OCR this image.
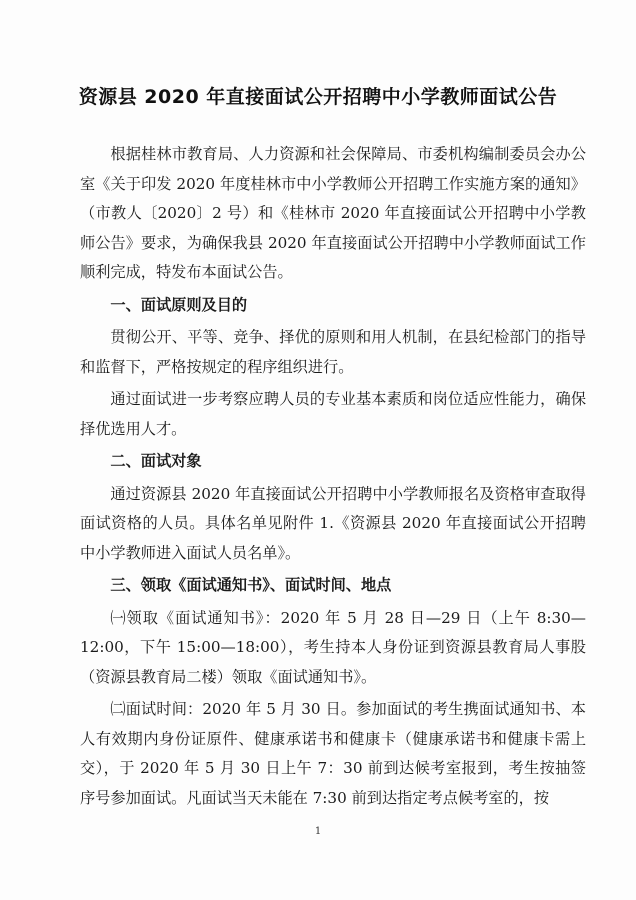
资源县 2020 年直接面试公开招聘中小学教师面试公告

根据桂林市教育局、人力资源和社会保障局、市委机构编制委员会办公室《关于印发 2020 年度桂林市中小学教师公开招聘工作实施方案的通知》（市教人〔2020〕2 号）和《桂林市 2020 年直接面试公开招聘中小学教师公告》要求，为确保我县 2020 年直接面试公开招聘中小学教师面试工作顺利完成，特发布本面试公告。

一、面试原则及目的

贯彻公开、平等、竞争、择优的原则和用人机制，在县纪检部门的指导和监督下，严格按规定的程序组织进行。

通过面试进一步考察应聘人员的专业基本素质和岗位适应性能力，确保择优选用人才。

二、面试对象

通过资源县 2020 年直接面试公开招聘中小学教师报名及资格审查取得面试资格的人员。具体名单见附件 1.《资源县 2020 年直接面试公开招聘中小学教师进入面试人员名单》。

三、领取《面试通知书》、面试时间、地点

㈠领取《面试通知书》：2020 年 5 月 28 日—29 日（上午 8:30—12:00，下午 15:00—18:00），考生持本人身份证到资源县教育局人事股（资源县教育局二楼）领取《面试通知书》。

㈡面试时间：2020 年 5 月 30 日。参加面试的考生携面试通知书、本人有效期内身份证原件、健康承诺书和健康卡（健康承诺书和健康卡需上交），于 2020 年 5 月 30 日上午 7：30 前到达候考室报到，考生按抽签序号参加面试。凡面试当天未能在 7:30 前到达指定考点候考室的，按

1
